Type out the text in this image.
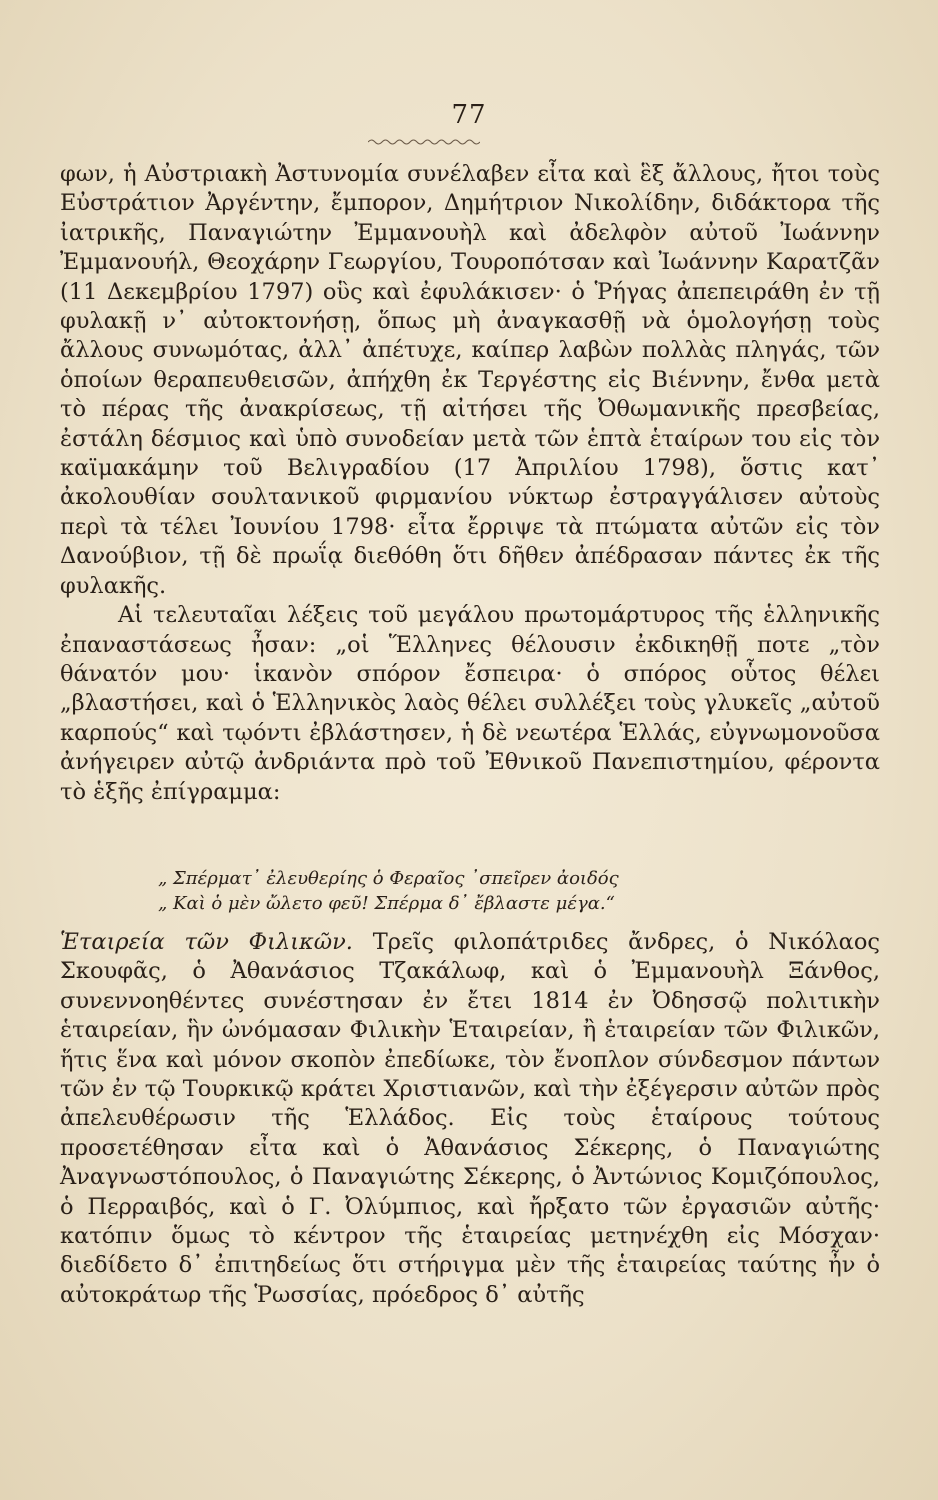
77

φων, ἡ Αὐστριακὴ Ἀστυνομία συνέλαβεν εἶτα καὶ ἓξ ἄλλους, ἤτοι τοὺς Εὐστράτιον Ἀργέντην, ἔμπορον, Δημήτριον Νικολίδην, διδάκτορα τῆς ἰατρικῆς, Παναγιώτην Ἐμμανουὴλ καὶ ἀδελφὸν αὐτοῦ Ἰωάννην Ἐμμανουήλ, Θεοχάρην Γεωργίου, Τουροπότσαν καὶ Ἰωάννην Καρατζᾶν (11 Δεκεμβρίου 1797) οὓς καὶ ἐφυλάκισεν· ὁ Ῥήγας ἀπεπειράθη ἐν τῇ φυλακῇ ν᾿ αὐτοκτονήσῃ, ὅπως μὴ ἀναγκασθῇ νὰ ὁμολογήσῃ τοὺς ἄλλους συνωμότας, ἀλλ᾿ ἀπέτυχε, καίπερ λαβὼν πολλὰς πληγάς, τῶν ὁποίων θεραπευθεισῶν, ἀπήχθη ἐκ Τεργέστης εἰς Βιέννην, ἔνθα μετὰ τὸ πέρας τῆς ἀνακρίσεως, τῇ αἰτήσει τῆς Ὀθωμανικῆς πρεσβείας, ἐστάλη δέσμιος καὶ ὑπὸ συνοδείαν μετὰ τῶν ἑπτὰ ἑταίρων του εἰς τὸν καϊμακάμην τοῦ Βελιγραδίου (17 Ἀπριλίου 1798), ὅστις κατ᾿ ἀκολουθίαν σουλτανικοῦ φιρμανίου νύκτωρ ἐστραγγάλισεν αὐτοὺς περὶ τὰ τέλει Ἰουνίου 1798· εἶτα ἔρριψε τὰ πτώματα αὐτῶν εἰς τὸν Δανούβιον, τῇ δὲ πρωΐᾳ διεθόθη ὅτι δῆθεν ἀπέδρασαν πάντες ἐκ τῆς φυλακῆς.

Αἱ τελευταῖαι λέξεις τοῦ μεγάλου πρωτομάρτυρος τῆς ἑλληνικῆς ἐπαναστάσεως ἦσαν: „οἱ Ἕλληνες θέλουσιν ἐκδικηθῇ ποτε „τὸν θάνατόν μου· ἱκανὸν σπόρον ἔσπειρα· ὁ σπόρος οὗτος θέλει „βλαστήσει, καὶ ὁ Ἑλληνικὸς λαὸς θέλει συλλέξει τοὺς γλυκεῖς „αὐτοῦ καρπούς“ καὶ τῳόντι ἐβλάστησεν, ἡ δὲ νεωτέρα Ἑλλάς, εὐγνωμονοῦσα ἀνήγειρεν αὐτῷ ἀνδριάντα πρὸ τοῦ Ἐθνικοῦ Πανεπιστημίου, φέροντα τὸ ἑξῆς ἐπίγραμμα:

„ Σπέρματ᾿ ἐλευθερίης ὁ Φεραῖος ᾿σπεῖρεν ἀοιδός
„ Καὶ ὁ μὲν ὤλετο φεῦ! Σπέρμα δ᾿ ἔβλαστε μέγα.“

Ἑταιρεία τῶν Φιλικῶν. Τρεῖς φιλοπάτριδες ἄνδρες, ὁ Νικόλαος Σκουφᾶς, ὁ Ἀθανάσιος Τζακάλωφ, καὶ ὁ Ἐμμανουὴλ Ξάνθος, συνεννοηθέντες συνέστησαν ἐν ἔτει 1814 ἐν Ὀδησσῷ πολιτικὴν ἑταιρείαν, ἣν ὠνόμασαν Φιλικὴν Ἑταιρείαν, ἢ ἑταιρείαν τῶν Φιλικῶν, ἥτις ἕνα καὶ μόνον σκοπὸν ἐπεδίωκε, τὸν ἔνοπλον σύνδεσμον πάντων τῶν ἐν τῷ Τουρκικῷ κράτει Χριστιανῶν, καὶ τὴν ἐξέγερσιν αὐτῶν πρὸς ἀπελευθέρωσιν τῆς Ἑλλάδος. Εἰς τοὺς ἑταίρους τούτους προσετέθησαν εἶτα καὶ ὁ Ἀθανάσιος Σέκερης, ὁ Παναγιώτης Ἀναγνωστόπουλος, ὁ Παναγιώτης Σέκερης, ὁ Ἀντώνιος Κομιζόπουλος, ὁ Περραιβός, καὶ ὁ Γ. Ὀλύμπιος, καὶ ἤρξατο τῶν ἐργασιῶν αὐτῆς· κατόπιν ὅμως τὸ κέντρον τῆς ἑταιρείας μετηνέχθη εἰς Μόσχαν· διεδίδετο δ᾿ ἐπιτηδείως ὅτι στήριγμα μὲν τῆς ἑταιρείας ταύτης ἦν ὁ αὐτοκράτωρ τῆς Ῥωσσίας, πρόεδρος δ᾿ αὐτῆς
